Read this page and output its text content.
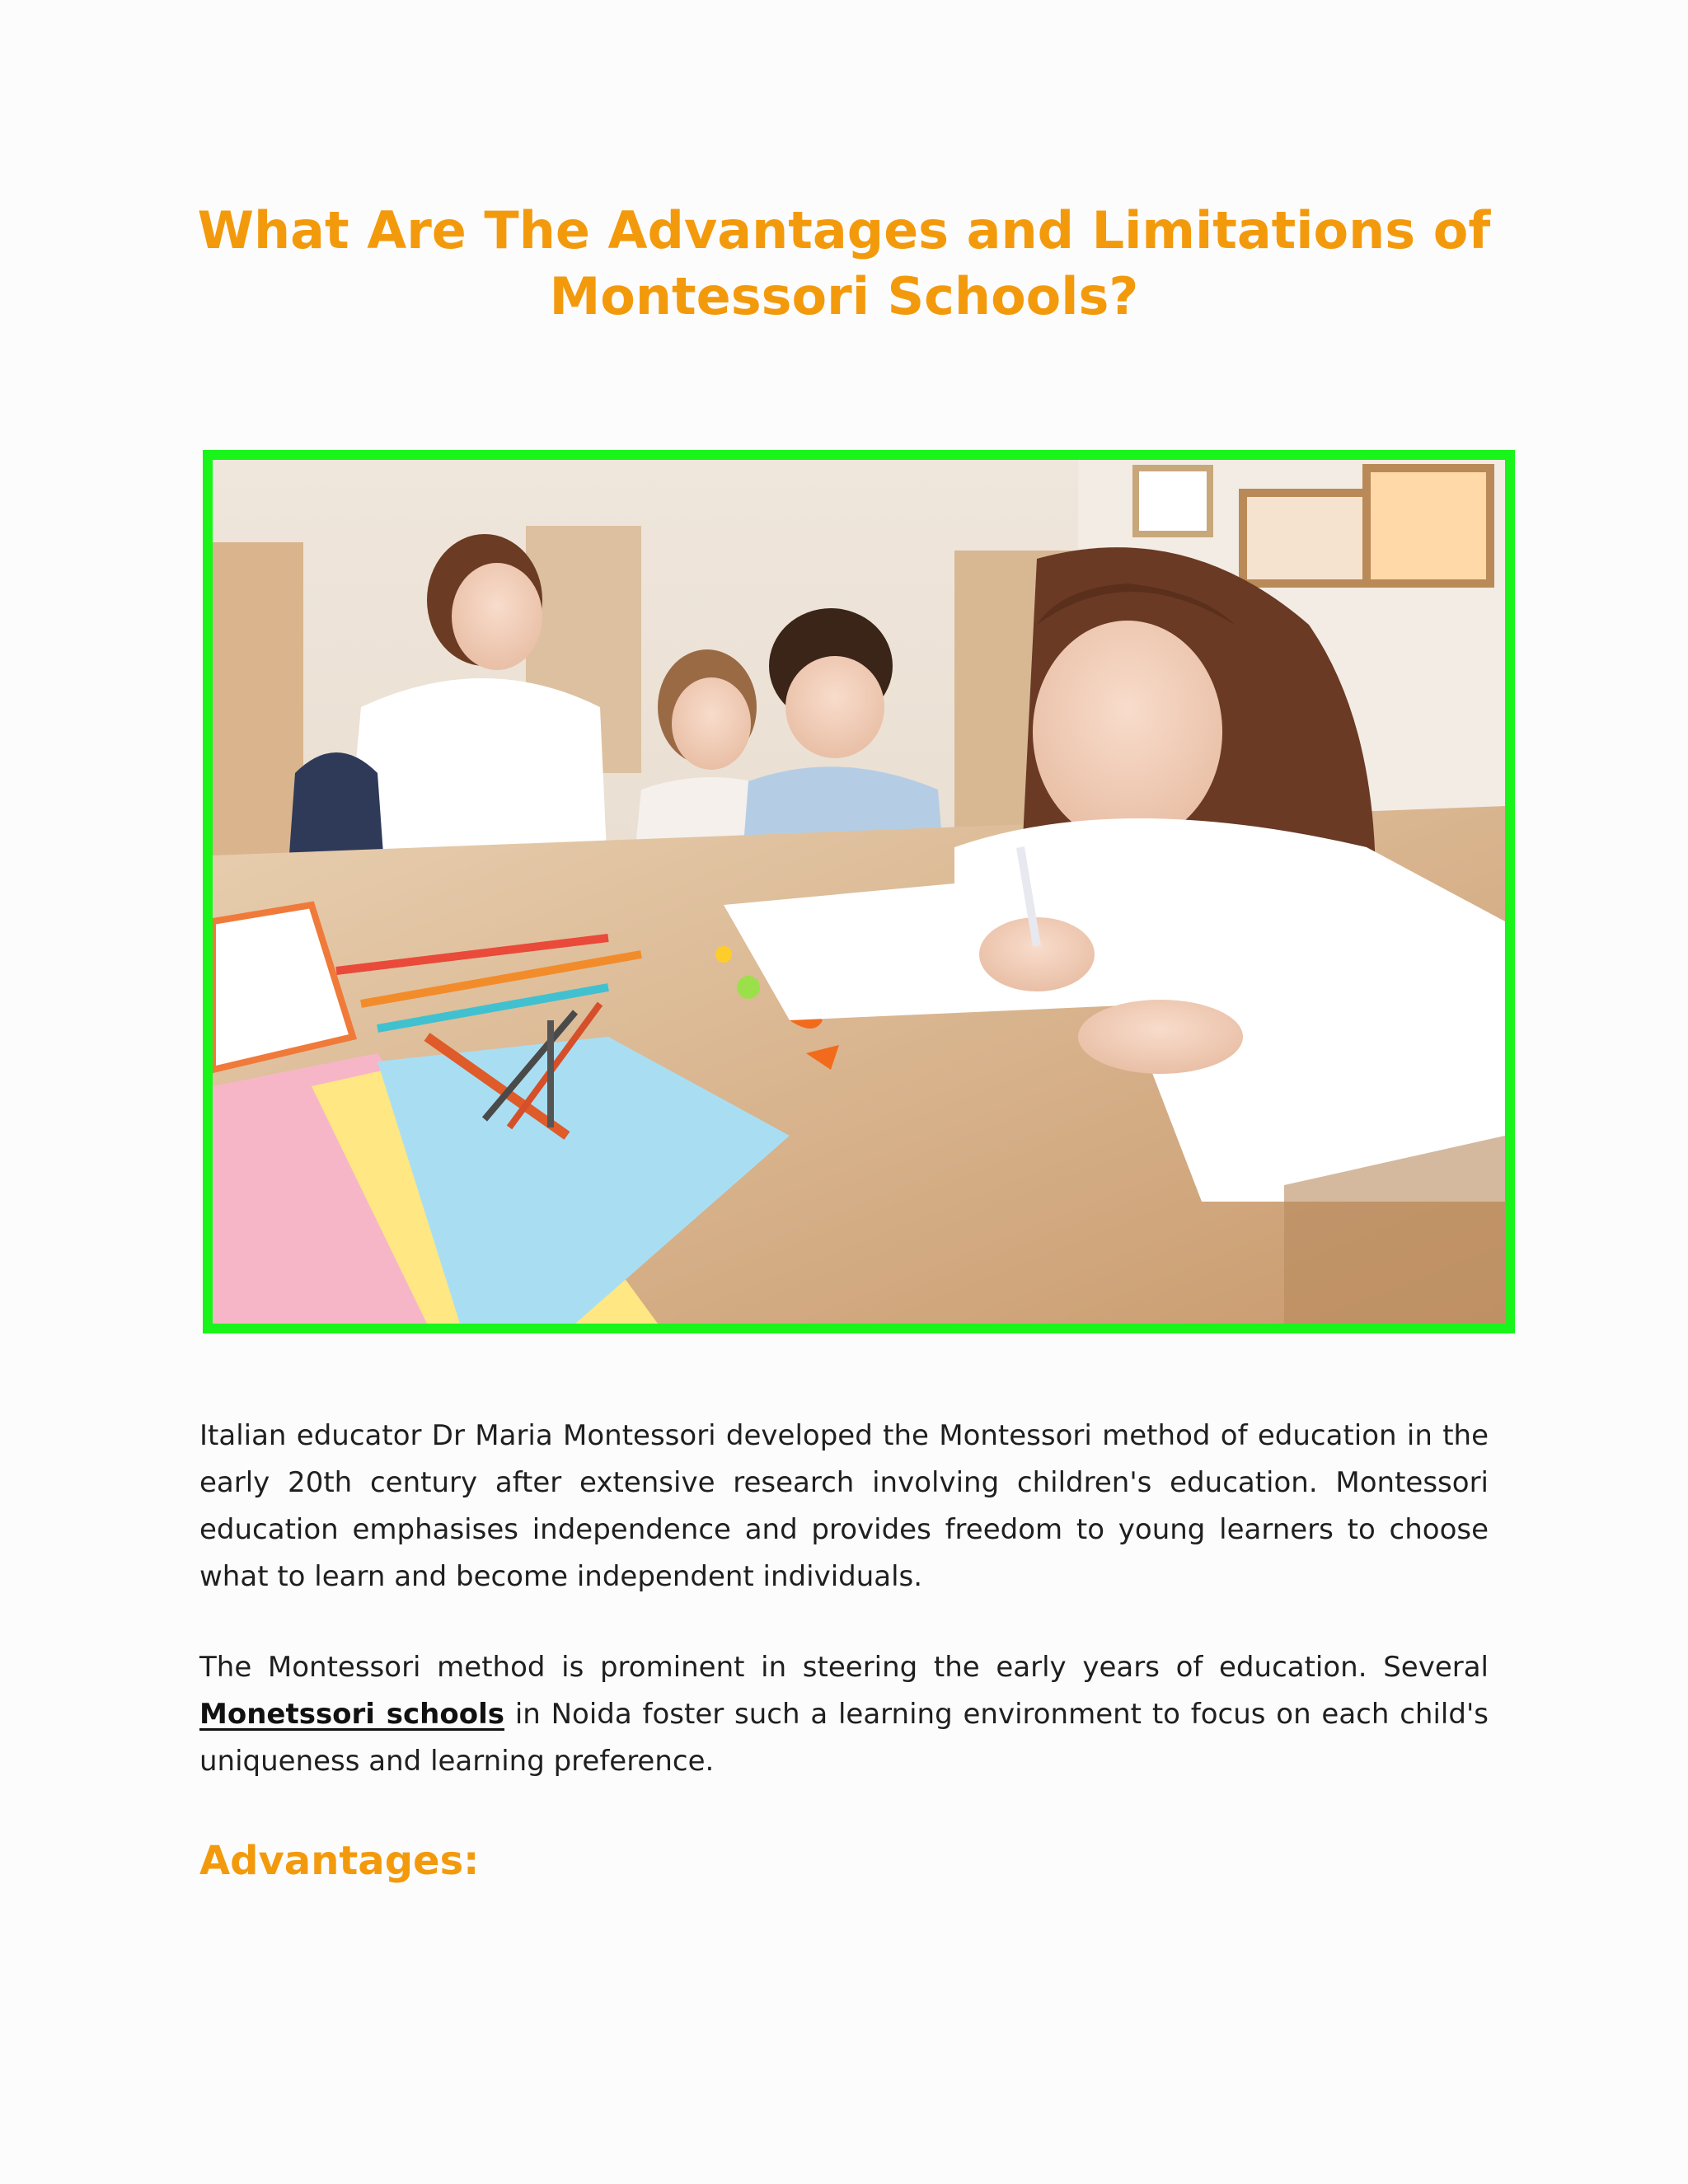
What Are The Advantages and Limitations of
Montessori Schools?

Italian educator Dr Maria Montessori developed the Montessori method of education in the early 20th century after extensive research involving children's education. Montessori education emphasises independence and provides freedom to young learners to choose what to learn and become independent individuals.

The Montessori method is prominent in steering the early years of education. Several Monetssori schools in Noida foster such a learning environment to focus on each child's uniqueness and learning preference.

Advantages:
